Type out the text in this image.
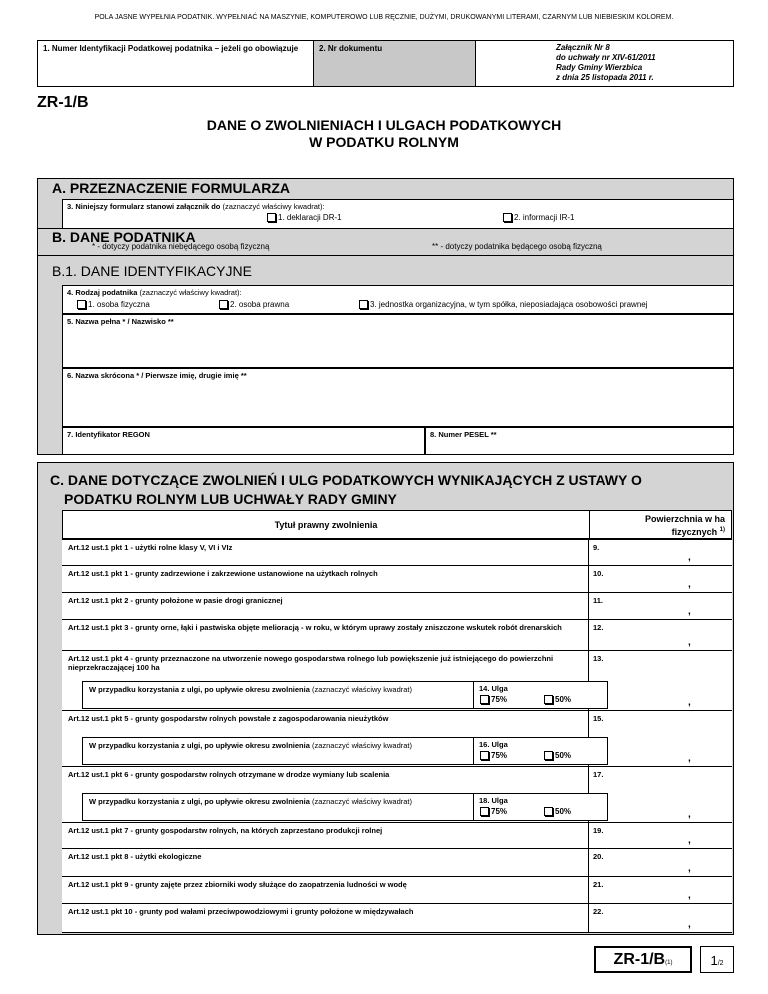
POLA JASNE WYPEŁNIA PODATNIK. WYPEŁNIAĆ NA MASZYNIE, KOMPUTEROWO LUB RĘCZNIE, DUŻYMI, DRUKOWANYMI LITERAMI, CZARNYM LUB NIEBIESKIM KOLOREM.
1. Numer Identyfikacji Podatkowej podatnika – jeżeli go obowiązuje	2. Nr dokumentu	Załącznik Nr 8
do uchwały nr XIV-61/2011
Rady Gminy Wierzbica
z dnia 25 listopada 2011 r.
ZR-1/B
DANE O ZWOLNIENIACH I ULGACH PODATKOWYCH
W PODATKU ROLNYM
A. PRZEZNACZENIE FORMULARZA
3. Niniejszy formularz stanowi załącznik do (zaznaczyć właściwy kwadrat):
1. deklaracji DR-1	2. informacji IR-1
B. DANE PODATNIKA
* - dotyczy podatnika niebędącego osobą fizyczną	** - dotyczy podatnika będącego osobą fizyczną
B.1. DANE IDENTYFIKACYJNE
4. Rodzaj podatnika (zaznaczyć właściwy kwadrat):
1. osoba fizyczna	2. osoba prawna	3. jednostka organizacyjna, w tym spółka, nieposiadająca osobowości prawnej
5. Nazwa pełna * / Nazwisko **
6. Nazwa skrócona * / Pierwsze imię, drugie imię **
7. Identyfikator REGON	8. Numer PESEL **
C. DANE DOTYCZĄCE ZWOLNIEŃ I ULG PODATKOWYCH WYNIKAJĄCYCH Z USTAWY O
PODATKU ROLNYM LUB UCHWAŁY RADY GMINY
Tytuł prawny zwolnienia
Powierzchnia w ha
fizycznych $^{1)}$
Art.12 ust.1 pkt 1 - użytki rolne klasy V, VI i VIz	9.
,
Art.12 ust.1 pkt 1 - grunty zadrzewione i zakrzewione ustanowione na użytkach rolnych	10.
,
Art.12 ust.1 pkt 2 - grunty położone w pasie drogi granicznej	11.
,
Art.12 ust.1 pkt 3 - grunty orne, łąki i pastwiska objęte melioracją - w roku, w którym uprawy zostały zniszczone wskutek robót drenarskich	12.
,
Art.12 ust.1 pkt 4 - grunty przeznaczone na utworzenie nowego gospodarstwa rolnego lub powiększenie już istniejącego do powierzchni nieprzekraczającej 100 ha
13.
,
W przypadku korzystania z ulgi, po upływie okresu zwolnienia (zaznaczyć właściwy kwadrat)	14. Ulga
75%	50%
Art.12 ust.1 pkt 5 - grunty gospodarstw rolnych powstałe z zagospodarowania nieużytków	15.
,
W przypadku korzystania z ulgi, po upływie okresu zwolnienia (zaznaczyć właściwy kwadrat)	16. Ulga
75%	50%
Art.12 ust.1 pkt 6 - grunty gospodarstw rolnych otrzymane w drodze wymiany lub scalenia	17.
,
W przypadku korzystania z ulgi, po upływie okresu zwolnienia (zaznaczyć właściwy kwadrat)	18. Ulga
75%	50%
Art.12 ust.1 pkt 7 - grunty gospodarstw rolnych, na których zaprzestano produkcji rolnej	19.
,
Art.12 ust.1 pkt 8 - użytki ekologiczne	20.
,
Art.12 ust.1 pkt 9 - grunty zajęte przez zbiorniki wody służące do zaopatrzenia ludności w wodę	21.
,
Art.12 ust.1 pkt 10 - grunty pod wałami przeciwpowodziowymi i grunty położone w międzywałach	22.
,
ZR-1/B(1)	1/2
